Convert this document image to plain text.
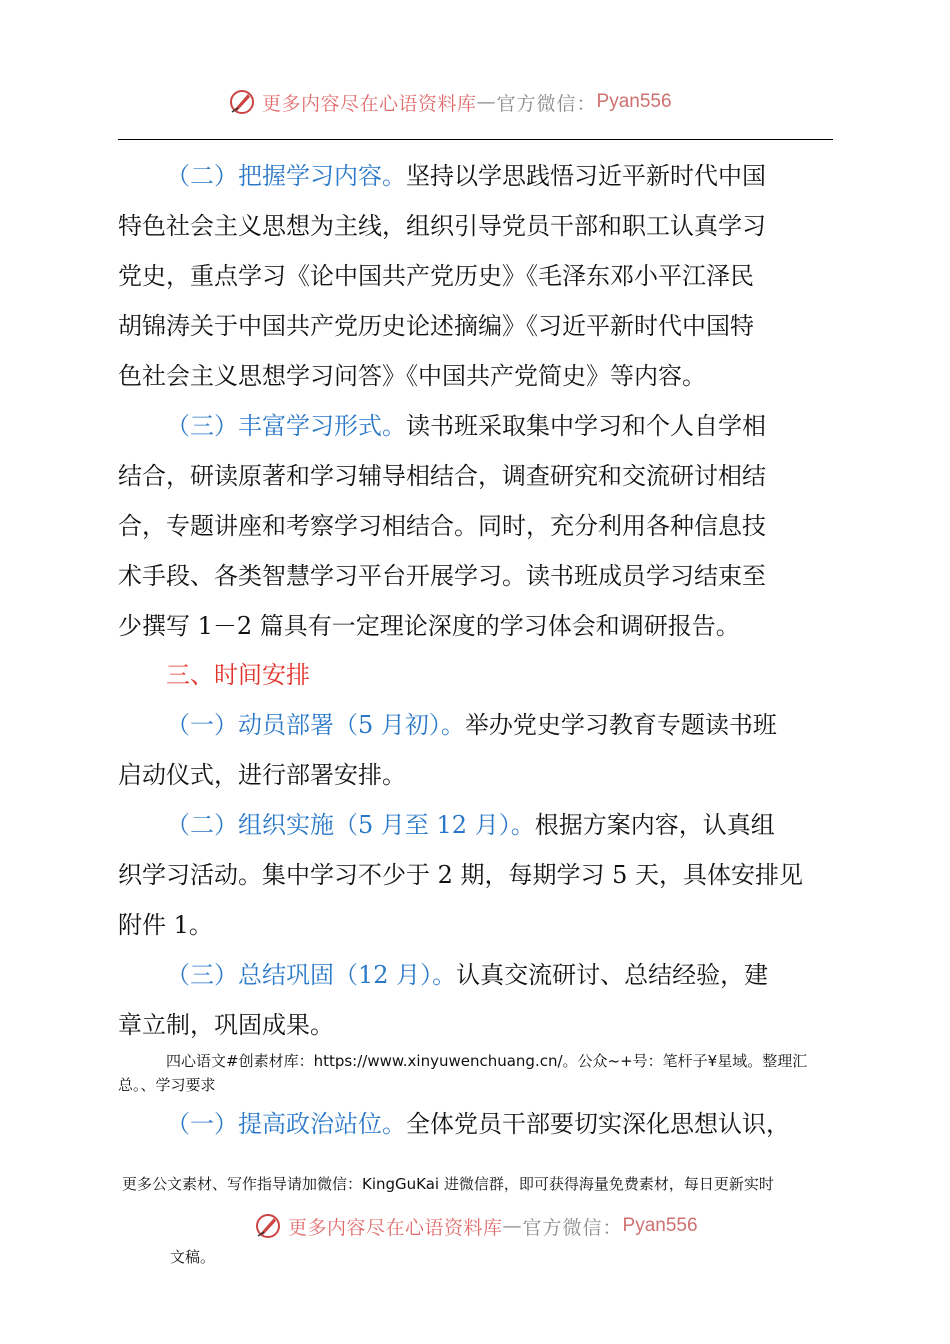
更多内容尽在心语资料库 — 官方微信： Pyan556
（二）把握学习内容。坚持以学思践悟习近平新时代中国
特色社会主义思想为主线，组织引导党员干部和职工认真学习
党史，重点学习《论中国共产党历史》《毛泽东邓小平江泽民
胡锦涛关于中国共产党历史论述摘编》《习近平新时代中国特
色社会主义思想学习问答》《中国共产党简史》等内容。
（三）丰富学习形式。读书班采取集中学习和个人自学相
结合，研读原著和学习辅导相结合，调查研究和交流研讨相结
合，专题讲座和考察学习相结合。同时，充分利用各种信息技
术手段、各类智慧学习平台开展学习。读书班成员学习结束至
少撰写 1－2 篇具有一定理论深度的学习体会和调研报告。
三、时间安排
（一）动员部署（5 月初）。举办党史学习教育专题读书班
启动仪式，进行部署安排。
（二）组织实施（5 月至 12 月）。根据方案内容，认真组
织学习活动。集中学习不少于 2 期，每期学习 5 天，具体安排见
附件 1。
（三）总结巩固（12 月）。认真交流研讨、总结经验，建
章立制，巩固成果。
四心语文#创素材库：https://www.xinyuwenchuang.cn/。公众~+号：笔杆子¥星域。整理汇
总。、学习要求
（一）提高政治站位。全体党员干部要切实深化思想认识，
更多公文素材、写作指导请加微信：KingGuKai 进微信群，即可获得海量免费素材，每日更新实时
更多内容尽在心语资料库 — 官方微信： Pyan556
文稿。
